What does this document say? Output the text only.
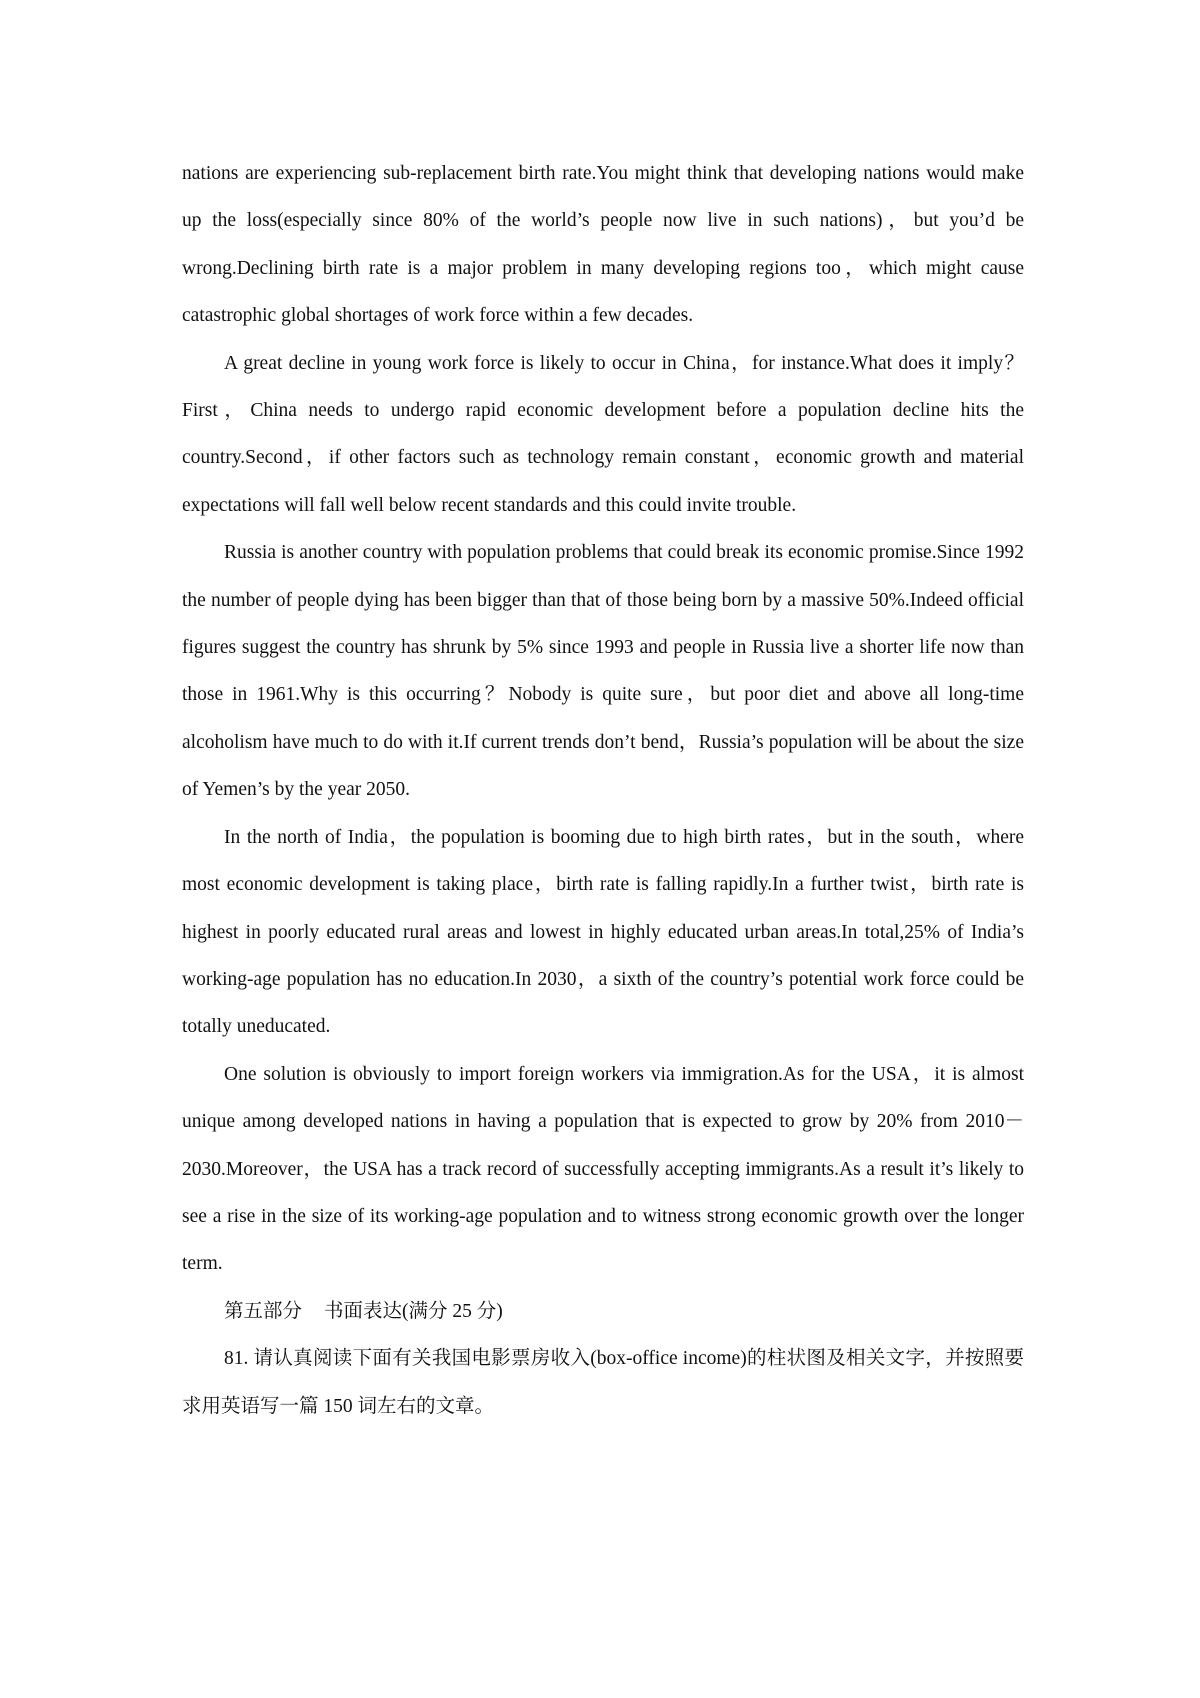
nations are experiencing sub-replacement birth rate.You might think that developing nations would make up the loss(especially since 80% of the world’s people now live in such nations)，but you’d be wrong.Declining birth rate is a major problem in many developing regions too，which might cause catastrophic global shortages of work force within a few decades.

A great decline in young work force is likely to occur in China，for instance.What does it imply？First，China needs to undergo rapid economic development before a population decline hits the country.Second，if other factors such as technology remain constant，economic growth and material expectations will fall well below recent standards and this could invite trouble.

Russia is another country with population problems that could break its economic promise.Since 1992 the number of people dying has been bigger than that of those being born by a massive 50%.Indeed official figures suggest the country has shrunk by 5% since 1993 and people in Russia live a shorter life now than those in 1961.Why is this occurring？Nobody is quite sure，but poor diet and above all long-time alcoholism have much to do with it.If current trends don’t bend，Russia’s population will be about the size of Yemen’s by the year 2050.

In the north of India，the population is booming due to high birth rates，but in the south，where most economic development is taking place，birth rate is falling rapidly.In a further twist，birth rate is highest in poorly educated rural areas and lowest in highly educated urban areas.In total,25% of India’s working-age population has no education.In 2030，a sixth of the country’s potential work force could be totally uneducated.

One solution is obviously to import foreign workers via immigration.As for the USA，it is almost unique among developed nations in having a population that is expected to grow by 20% from 2010－2030.Moreover，the USA has a track record of successfully accepting immigrants.As a result it’s likely to see a rise in the size of its working-age population and to witness strong economic growth over the longer term.

第五部分 书面表达(满分 25 分)

81. 请认真阅读下面有关我国电影票房收入(box-office income)的柱状图及相关文字，并按照要求用英语写一篇 150 词左右的文章。
